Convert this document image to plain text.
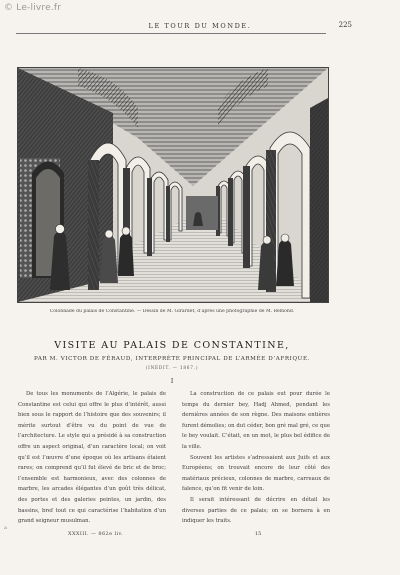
© Le-livre.fr
LE TOUR DU MONDE.	225
Colonnade du palais de Constantine. — Dessin de M. Girardet, d’après une photographie de M. Rémond.
VISITE AU PALAIS DE CONSTANTINE,
PAR M. VICTOR DE FÉRAUD, INTERPRÈTE PRINCIPAL DE L’ARMÉE D’AFRIQUE.
(INÉDIT. — 1867.)
I

De tous les monuments de l’Algérie, le palais de Constantine est celui qui offre le plus d’intérêt, aussi bien sous le rapport de l’histoire que des souvenirs; il mérite surtout d’être vu du point de vue de l’architecture. Le style qui a présidé à sa construction offre un aspect original, d’un caractère local; on voit qu’il est l’œuvre d’une époque où les artisans étaient rares; on comprend qu’il fut élevé de bric et de broc; l’ensemble est harmonieux, avec des colonnes de marbre, les arcades élégantes d’un goût très délicat, des portes et des galeries peintes, un jardin, des bassins, bref tout ce qui caractérise l’habitation d’un grand seigneur musulman.

La construction de ce palais eut pour durée le temps du dernier bey, Hadj Ahmed, pendant les dernières années de son règne. Des maisons entières furent démolies; on dut céder, bon gré mal gré, ce que le bey voulait. C’était, en un mot, le plus bel édifice de la ville.

Souvent les artistes s’adressaient aux Juifs et aux Européens; on trouvait encore de leur côté des matériaux précieux, colonnes de marbre, carreaux de faïence, qu’on fit venir de loin.

Il serait intéressant de décrire en détail les diverses parties de ce palais; on se bornera à en indiquer les traits.

XXXIII. — 862e liv.	15
a
